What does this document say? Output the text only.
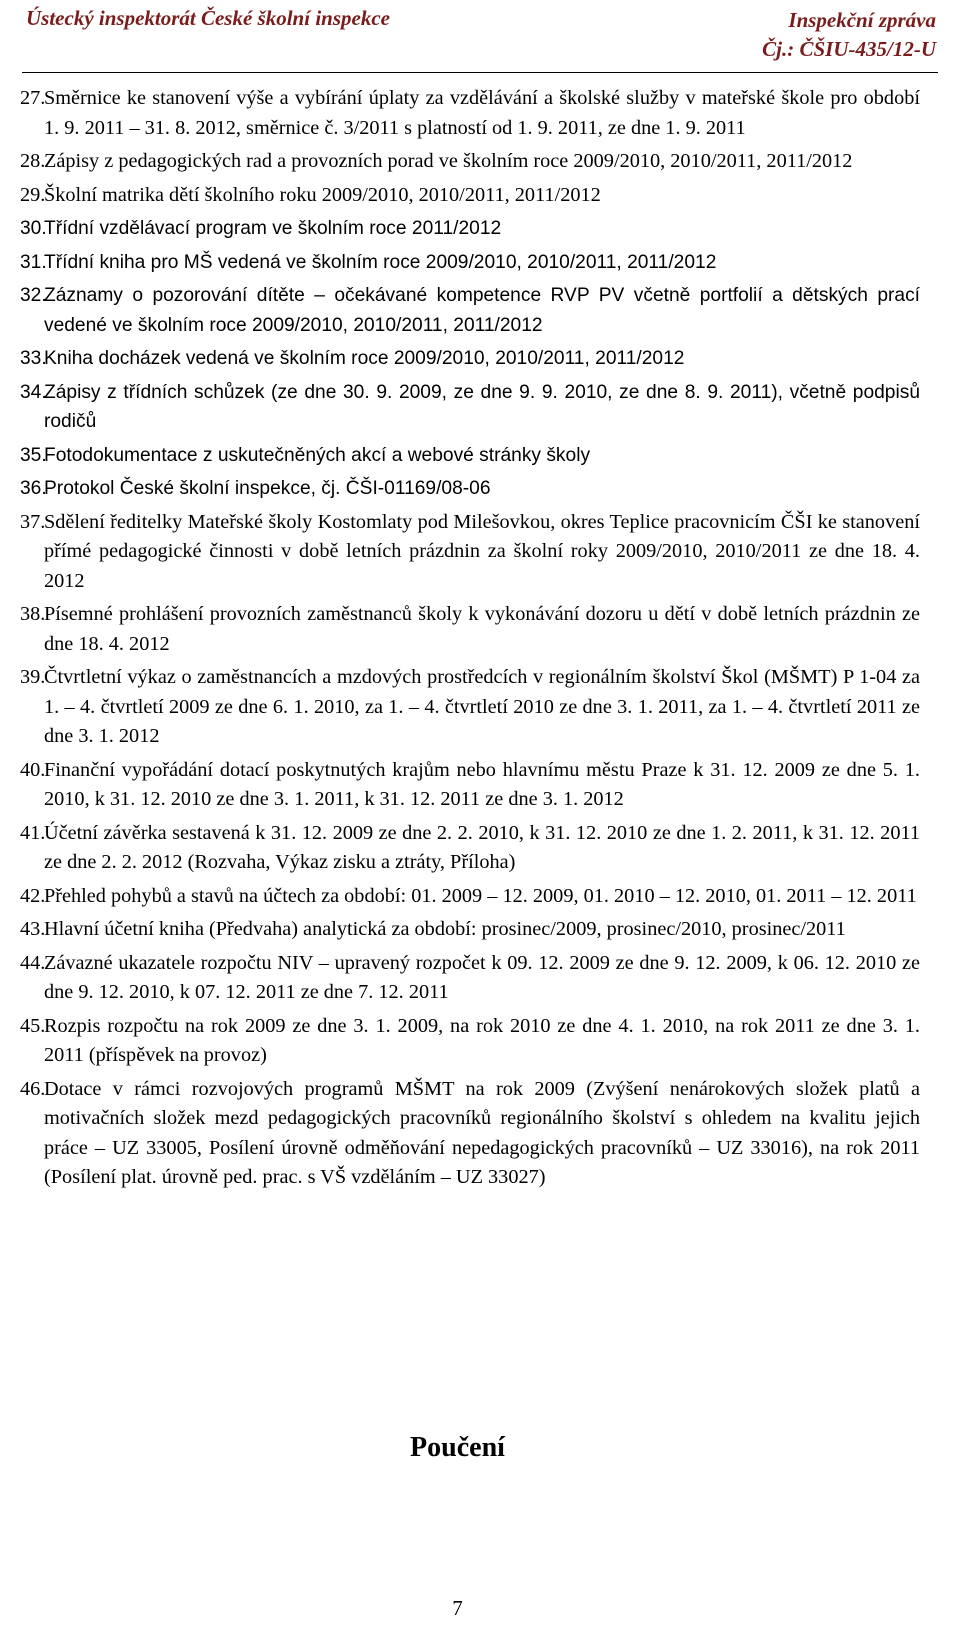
Ústecký inspektorát České školní inspekce	Inspekční zpráva
Čj.: ČŠIU-435/12-U
27.
Směrnice ke stanovení výše a vybírání úplaty za vzdělávání a školské služby v mateřské škole pro období 1. 9. 2011 – 31. 8. 2012, směrnice č. 3/2011 s platností od 1. 9. 2011, ze dne 1. 9. 2011
28.
Zápisy z pedagogických rad a provozních porad ve školním roce 2009/2010, 2010/2011, 2011/2012
29.
Školní matrika dětí školního roku 2009/2010, 2010/2011, 2011/2012
30.
Třídní vzdělávací program ve školním roce 2011/2012
31.
Třídní kniha pro MŠ vedená ve školním roce 2009/2010, 2010/2011, 2011/2012
32.
Záznamy o pozorování dítěte – očekávané kompetence RVP PV včetně portfolií a dětských prací vedené ve školním roce 2009/2010, 2010/2011, 2011/2012
33.
Kniha docházek vedená ve školním roce 2009/2010, 2010/2011, 2011/2012
34.
Zápisy z třídních schůzek (ze dne 30. 9. 2009, ze dne 9. 9. 2010, ze dne 8. 9. 2011), včetně podpisů rodičů
35.
Fotodokumentace z uskutečněných akcí a webové stránky školy
36.
Protokol České školní inspekce, čj. ČŠI-01169/08-06
37.
Sdělení ředitelky Mateřské školy Kostomlaty pod Milešovkou, okres Teplice pracovnicím ČŠI ke stanovení přímé pedagogické činnosti v době letních prázdnin za školní roky 2009/2010, 2010/2011 ze dne 18. 4. 2012
38.
Písemné prohlášení provozních zaměstnanců školy k vykonávání dozoru u dětí v době letních prázdnin ze dne 18. 4. 2012
39.
Čtvrtletní výkaz o zaměstnancích a mzdových prostředcích v regionálním školství Škol (MŠMT) P 1-04 za 1. – 4. čtvrtletí 2009 ze dne 6. 1. 2010, za 1. – 4. čtvrtletí 2010 ze dne 3. 1. 2011, za 1. – 4. čtvrtletí 2011 ze dne 3. 1. 2012
40.
Finanční vypořádání dotací poskytnutých krajům nebo hlavnímu městu Praze k 31. 12. 2009 ze dne 5. 1. 2010, k 31. 12. 2010 ze dne 3. 1. 2011, k 31. 12. 2011 ze dne 3. 1. 2012
41.
Účetní závěrka sestavená k 31. 12. 2009 ze dne 2. 2. 2010, k 31. 12. 2010 ze dne 1. 2. 2011, k 31. 12. 2011 ze dne 2. 2. 2012 (Rozvaha, Výkaz zisku a ztráty, Příloha)
42.
Přehled pohybů a stavů na účtech za období: 01. 2009 – 12. 2009, 01. 2010 – 12. 2010, 01. 2011 – 12. 2011
43.
Hlavní účetní kniha (Předvaha) analytická za období: prosinec/2009, prosinec/2010, prosinec/2011
44.
Závazné ukazatele rozpočtu NIV – upravený rozpočet k 09. 12. 2009 ze dne 9. 12. 2009, k 06. 12. 2010 ze dne 9. 12. 2010, k 07. 12. 2011 ze dne 7. 12. 2011
45.
Rozpis rozpočtu na rok 2009 ze dne 3. 1. 2009, na rok 2010 ze dne 4. 1. 2010, na rok 2011 ze dne 3. 1. 2011 (příspěvek na provoz)
46.
Dotace v rámci rozvojových programů MŠMT na rok 2009 (Zvýšení nenárokových složek platů a motivačních složek mezd pedagogických pracovníků regionálního školství s ohledem na kvalitu jejich práce – UZ 33005, Posílení úrovně odměňování nepedagogických pracovníků – UZ 33016), na rok 2011 (Posílení plat. úrovně ped. prac. s VŠ vzděláním – UZ 33027)
Poučení
7
